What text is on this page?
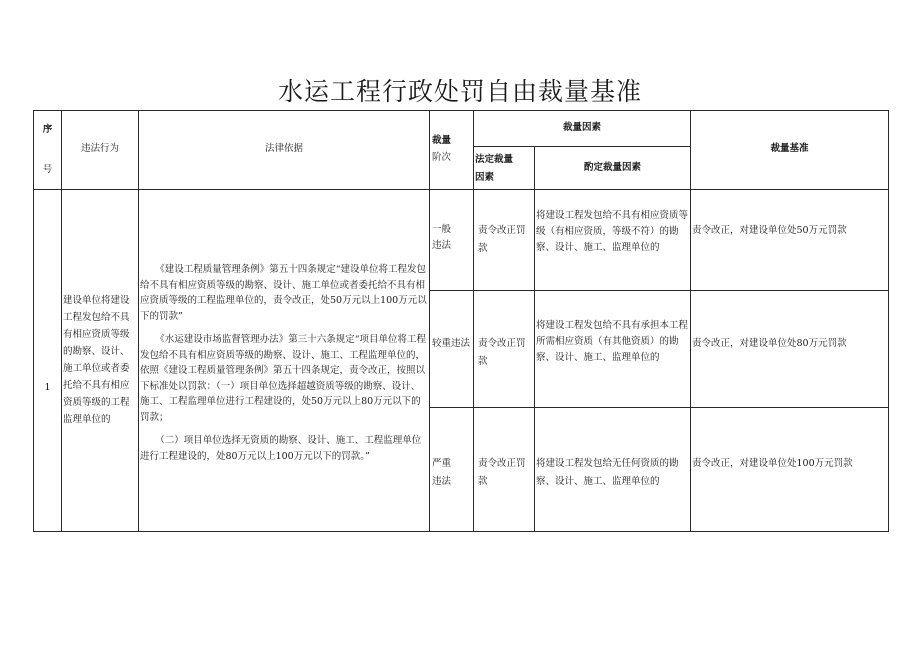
水运工程行政处罚自由裁量基准
序
号
违法行为	法律依据
裁量
阶次
裁量因素
法定裁量
因素
酌定裁量因素
裁量基准
1
建设单位将建设工程发包给不具有相应资质等级的勘察、设计、施工单位或者委托给不具有相应资质等级的工程监理单位的

《建设工程质量管理条例》第五十四条规定“建设单位将工程发包给不具有相应资质等级的勘察、设计、施工单位或者委托给不具有相应资质等级的工程监理单位的，责令改正，处50万元以上100万元以下的罚款”

《水运建设市场监督管理办法》第三十六条规定“项目单位将工程发包给不具有相应资质等级的勘察、设计、施工、工程监理单位的，依照《建设工程质量管理条例》第五十四条规定，责令改正，按照以下标准处以罚款：（一）项目单位选择超越资质等级的勘察、设计、施工、工程监理单位进行工程建设的，处50万元以上80万元以下的罚款；

（二）项目单位选择无资质的勘察、设计、施工、工程监理单位进行工程建设的，处80万元以上100万元以下的罚款。”

一般违法
责令改正罚款
将建设工程发包给不具有相应资质等级（有相应资质，等级不符）的勘察、设计、施工、监理单位的
责令改正，对建设单位处50万元罚款
较重违法 责令改正罚款
将建设工程发包给不具有承担本工程所需相应资质（有其他资质）的勘察、设计、施工、监理单位的
责令改正，对建设单位处80万元罚款
严重违法
责令改正罚款
将建设工程发包给无任何资质的勘察、设计、施工、监理单位的
责令改正，对建设单位处100万元罚款
